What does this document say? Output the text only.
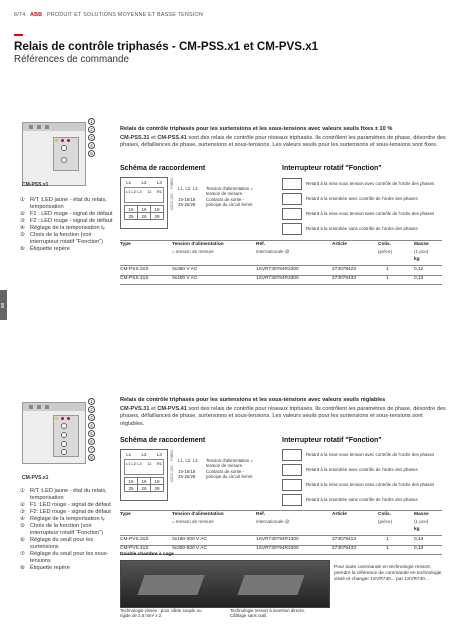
8/74 ABB PRODUIT ET SOLUTIONS MOYENNE ET BASSE TENSION
Relais de contrôle triphasés - CM-PSS.x1 et CM-PVS.x1
Références de commande
88
Relais de contrôle triphasés pour les surtensions et les sous-tensions avec valeurs seuils fixes ± 10 %
CM-PSS.31 et CM-PSS.41 sont des relais de contrôle pour réseaux triphasés. Ils contrôlent les paramètres de phase, désordre des phases, défaillances de phase, surtensions et sous-tensions. Les valeurs seuils pour les surtensions et sous-tensions sont fixes.
1
2
3
4
5
CM-PSS.x1
① R/T :LED jaune - état du relais, temporisation
② F1 : LED rouge - signal de défaut
③ F2 : LED rouge - signal de défaut
④ Réglage de la temporisation tᵥ
⑤ Choix de la fonction (voir interrupteur rotatif "Fonction")
⑥ Étiquette repère
Schéma de raccordement
L1 L2 L3
L1 L2 L3 11 R1
15	16	18
25	26	28
2CDC 252 ... F0B04 L1, L2, L3	Tension d'alimentation = tension de mesure
15-16/18	Contacts de sortie -
25-26/28	principe du circuit fermé
Interrupteur rotatif "Fonction"
Retard à la mise sous tension avec contrôle de l'ordre des phases
Retard à la retombée avec contrôle de l'ordre des phases
Retard à la mise sous tension sans contrôle de l'ordre des phases
Retard à la retombée sans contrôle de l'ordre des phases
Type	Tension d'alimentation	Réf.	Article	Colis.	Masse
= tension de mesure	internationale @	(pièce)	(1 pce)
kg
CM-PSS.31S	3x380 V AC	1SVR730784R2300	273078423	1	0,12
CM-PSS.41S	3x400 V AC	1SVR730784R3300	273078433	1	0,13
Relais de contrôle triphasés pour les surtensions et les sous-tensions avec valeurs seuils réglables
CM-PVS.31 et CM-PVS.41 sont des relais de contrôle pour réseaux triphasés. Ils contrôlent les paramètres de phase, désordre des phases, défaillances de phase, surtensions et sous-tensions. Les valeurs seuils pour les surtensions et sous-tensions sont réglables.
1
2
3
4
5
6
7
8
CM-PVS.x1
① R/T :LED jaune - état du relais, temporisation
② F1 :LED rouge - signal de défaut
③ F2: LED rouge - signal de défaut
④ Réglage de la temporisation tᵥ
⑤ Choix de la fonction (voir interrupteur rotatif "Fonction")
⑥ Réglage du seuil pour les surtensions
⑦ Réglage du seuil pour les sous-tensions
⑧ Étiquette repère
Schéma de raccordement
L1 L2 L3
L1 L2 L3 11 R1
15	16	18
25	26	28
2CDC 252 ... F0B04 L1, L2, L3	Tension d'alimentation = tension de mesure
15-16/18	Contacts de sortie -
25-26/28	principe du circuit fermé
Interrupteur rotatif "Fonction"
Retard à la mise sous tension avec contrôle de l'ordre des phases
Retard à la retombée avec contrôle de l'ordre des phases
Retard à la mise sous tension sans contrôle de l'ordre des phases
Retard à la retombée sans contrôle de l'ordre des phases
Type	Tension d'alimentation	Réf.	Article	Colis.	Masse
= tension de mesure	internationale @	(pièce)	(1 pce)
kg
CM-PVS.31S	3x180-300 V AC	1SVR730794R1300	273079413	1	0,13
CM-PVS.41S	3x300-500 V AC	1SVR730794R3300	273079433	1	0,13
Double chambre à cage
Technologie vissée : pour câble souple ou rigide de 2,5 mm² x 2.
Technologie ressort à insertion directe. Câblage sans outil.
Pour toute commande en technologie ressort, prendre la référence de commande en technologie vissé et changer 1SVR730... par 1SVR740...
